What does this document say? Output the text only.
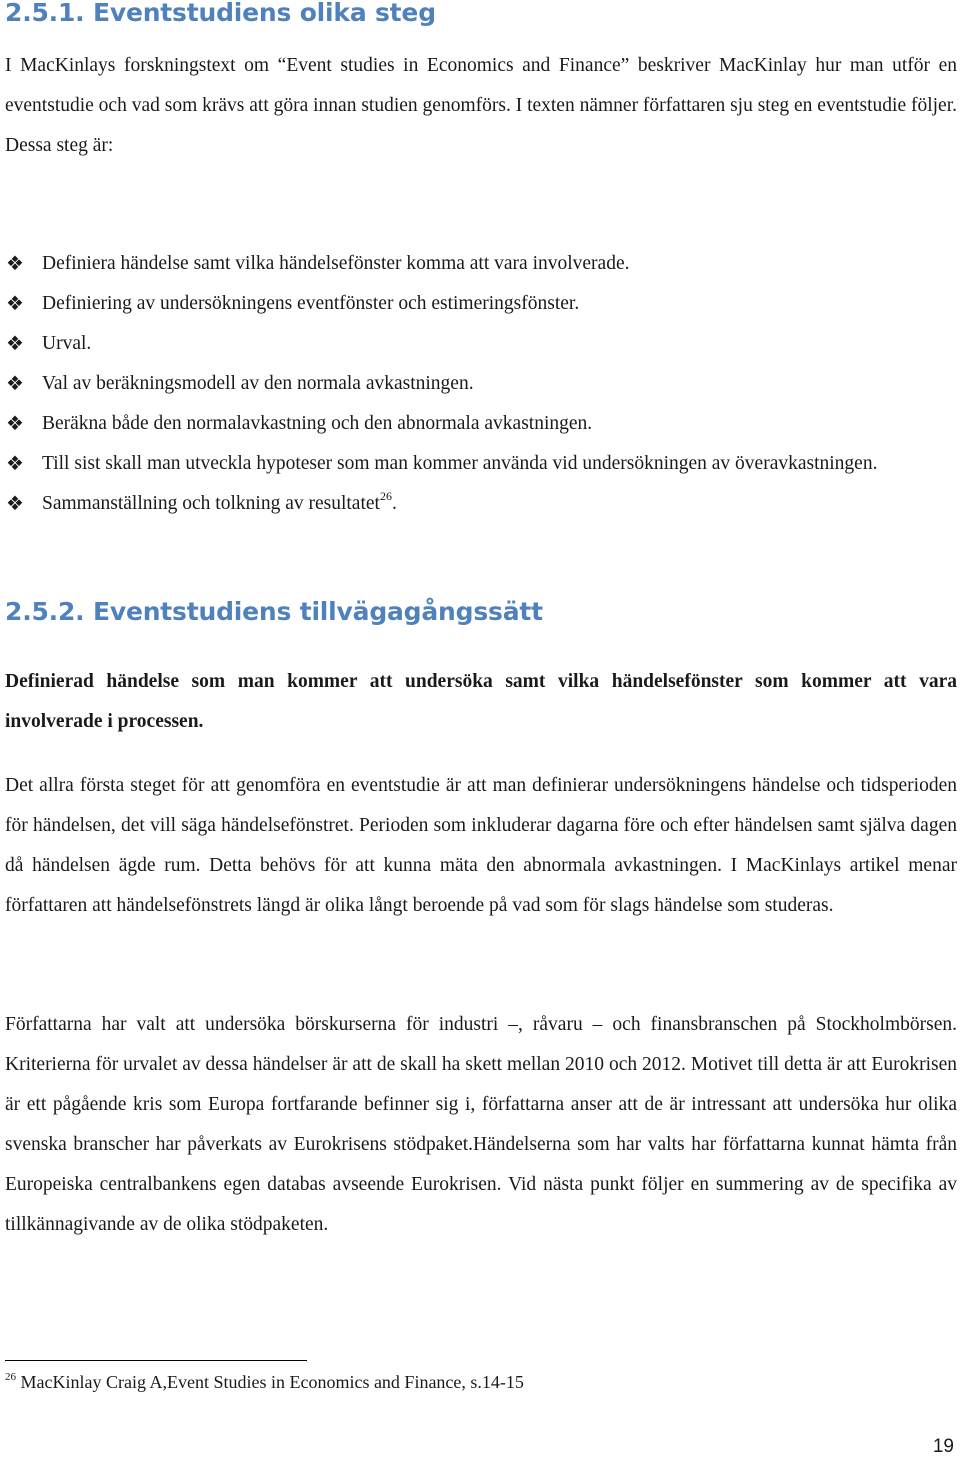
2.5.1. Eventstudiens olika steg

I MacKinlays forskningstext om “Event studies in Economics and Finance” beskriver MacKinlay hur man utför en eventstudie och vad som krävs att göra innan studien genomförs. I texten nämner författaren sju steg en eventstudie följer. Dessa steg är:

❖ Definiera händelse samt vilka händelsefönster komma att vara involverade.
❖ Definiering av undersökningens eventfönster och estimeringsfönster.
❖ Urval.
❖ Val av beräkningsmodell av den normala avkastningen.
❖ Beräkna både den normalavkastning och den abnormala avkastningen.
❖ Till sist skall man utveckla hypoteser som man kommer använda vid undersökningen av överavkastningen.
❖ Sammanställning och tolkning av resultatet$^{26}$.
2.5.2. Eventstudiens tillvägagångssätt

Definierad händelse som man kommer att undersöka samt vilka händelsefönster som kommer att vara involverade i processen.

Det allra första steget för att genomföra en eventstudie är att man definierar undersökningens händelse och tidsperioden för händelsen, det vill säga händelsefönstret. Perioden som inkluderar dagarna före och efter händelsen samt själva dagen då händelsen ägde rum. Detta behövs för att kunna mäta den abnormala avkastningen. I MacKinlays artikel menar författaren att händelsefönstrets längd är olika långt beroende på vad som för slags händelse som studeras.

Författarna har valt att undersöka börskurserna för industri –, råvaru – och finansbranschen på Stockholmbörsen. Kriterierna för urvalet av dessa händelser är att de skall ha skett mellan 2010 och 2012. Motivet till detta är att Eurokrisen är ett pågående kris som Europa fortfarande befinner sig i, författarna anser att de är intressant att undersöka hur olika svenska branscher har påverkats av Eurokrisens stödpaket.Händelserna som har valts har författarna kunnat hämta från Europeiska centralbankens egen databas avseende Eurokrisen. Vid nästa punkt följer en summering av de specifika av tillkännagivande av de olika stödpaketen.

$^{26}$ MacKinlay Craig A,Event Studies in Economics and Finance, s.14-15

19
